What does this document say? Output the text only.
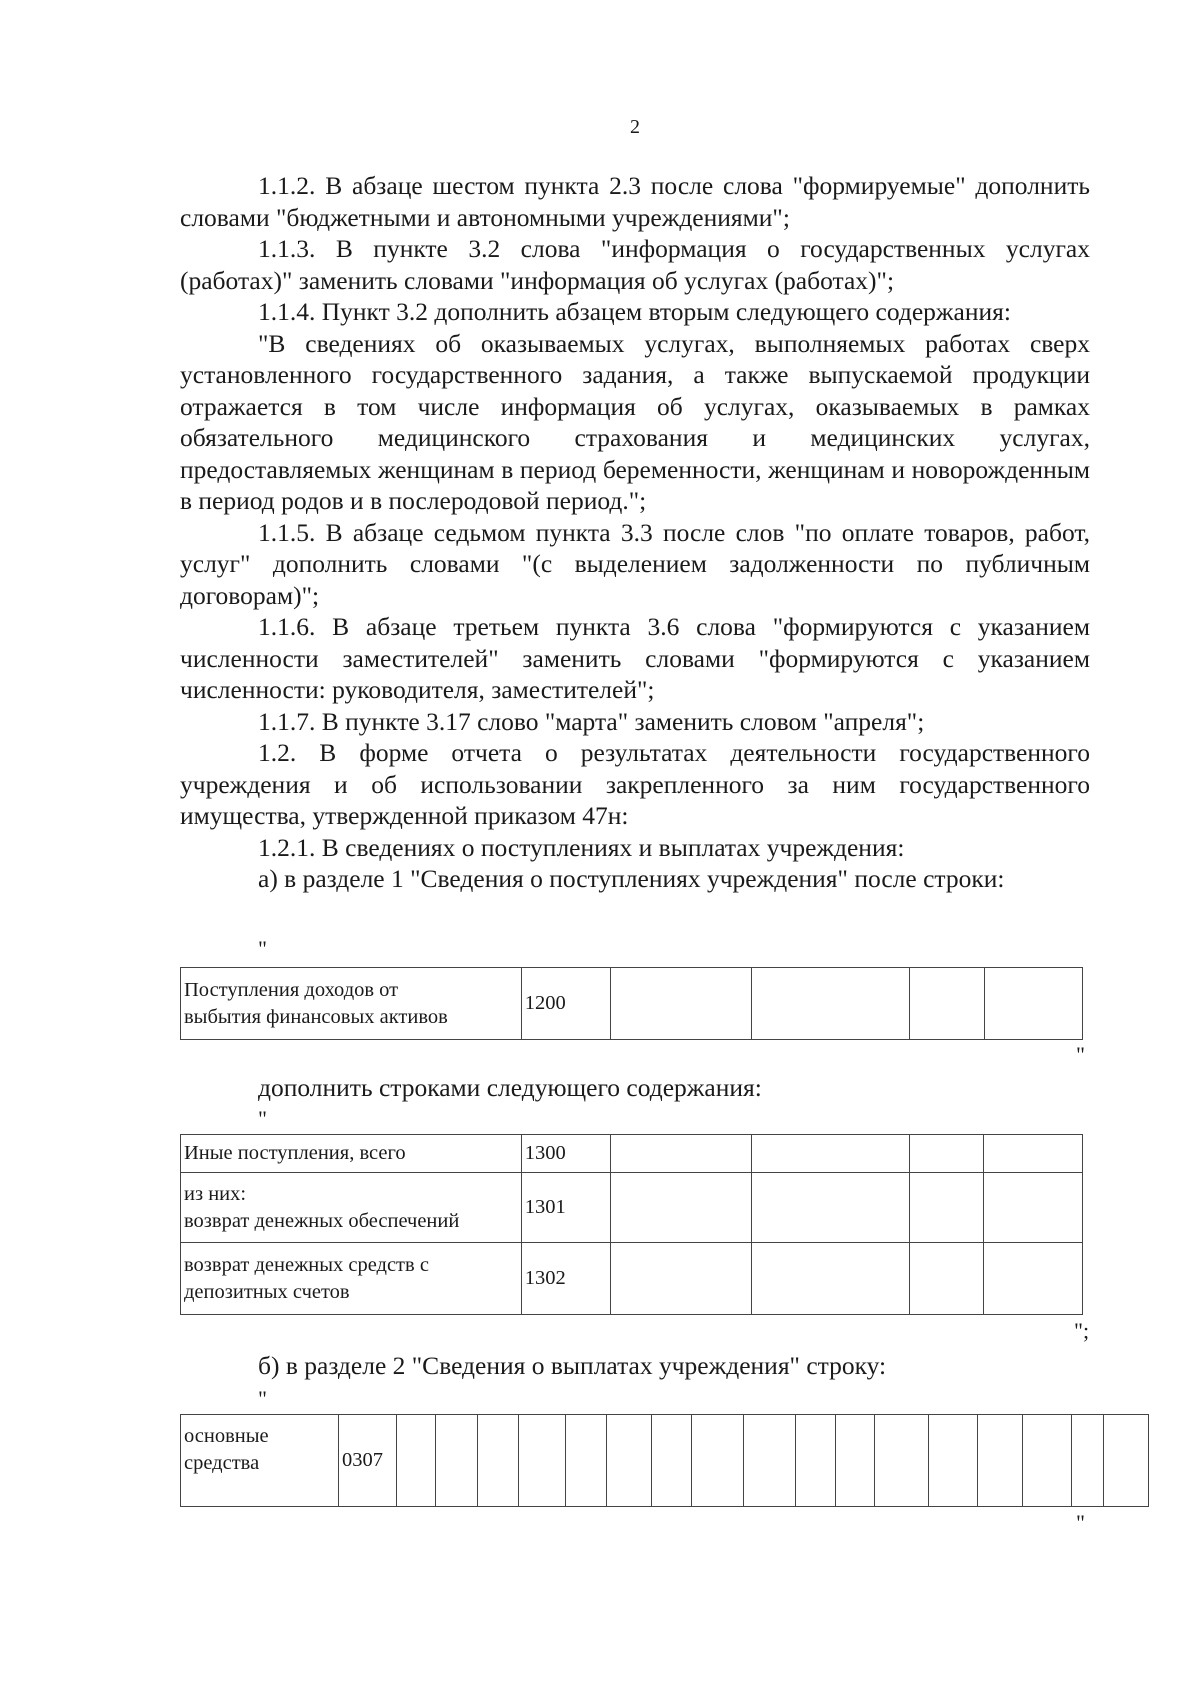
2

1.1.2. В абзаце шестом пункта 2.3 после слова "формируемые" дополнить словами "бюджетными и автономными учреждениями";

1.1.3. В пункте 3.2 слова "информация о государственных услугах (работах)" заменить словами "информация об услугах (работах)";

1.1.4. Пункт 3.2 дополнить абзацем вторым следующего содержания:

"В сведениях об оказываемых услугах, выполняемых работах сверх установленного государственного задания, а также выпускаемой продукции отражается в том числе информация об услугах, оказываемых в рамках обязательного медицинского страхования и медицинских услугах, предоставляемых женщинам в период беременности, женщинам и новорожденным в период родов и в послеродовой период.";

1.1.5. В абзаце седьмом пункта 3.3 после слов "по оплате товаров, работ, услуг" дополнить словами "(с выделением задолженности по публичным договорам)";

1.1.6. В абзаце третьем пункта 3.6 слова "формируются с указанием численности заместителей" заменить словами "формируются с указанием численности: руководителя, заместителей";

1.1.7. В пункте 3.17 слово "марта" заменить словом "апреля";

1.2. В форме отчета о результатах деятельности государственного учреждения и об использовании закрепленного за ним государственного имущества, утвержденной приказом 47н:

1.2.1. В сведениях о поступлениях и выплатах учреждения:

а) в разделе 1 "Сведения о поступлениях учреждения" после строки:

"
Поступления доходов от
выбытия финансовых активов
	1200				
"
дополнить строками следующего содержания:
"
Иные поступления, всего	1300				

из них:
возврат денежных обеспечений	1301				

возврат денежных средств с
депозитных счетов	1302				
";
б) в разделе 2 "Сведения о выплатах учреждения" строку:
"
основные
средства	0307																	
"
